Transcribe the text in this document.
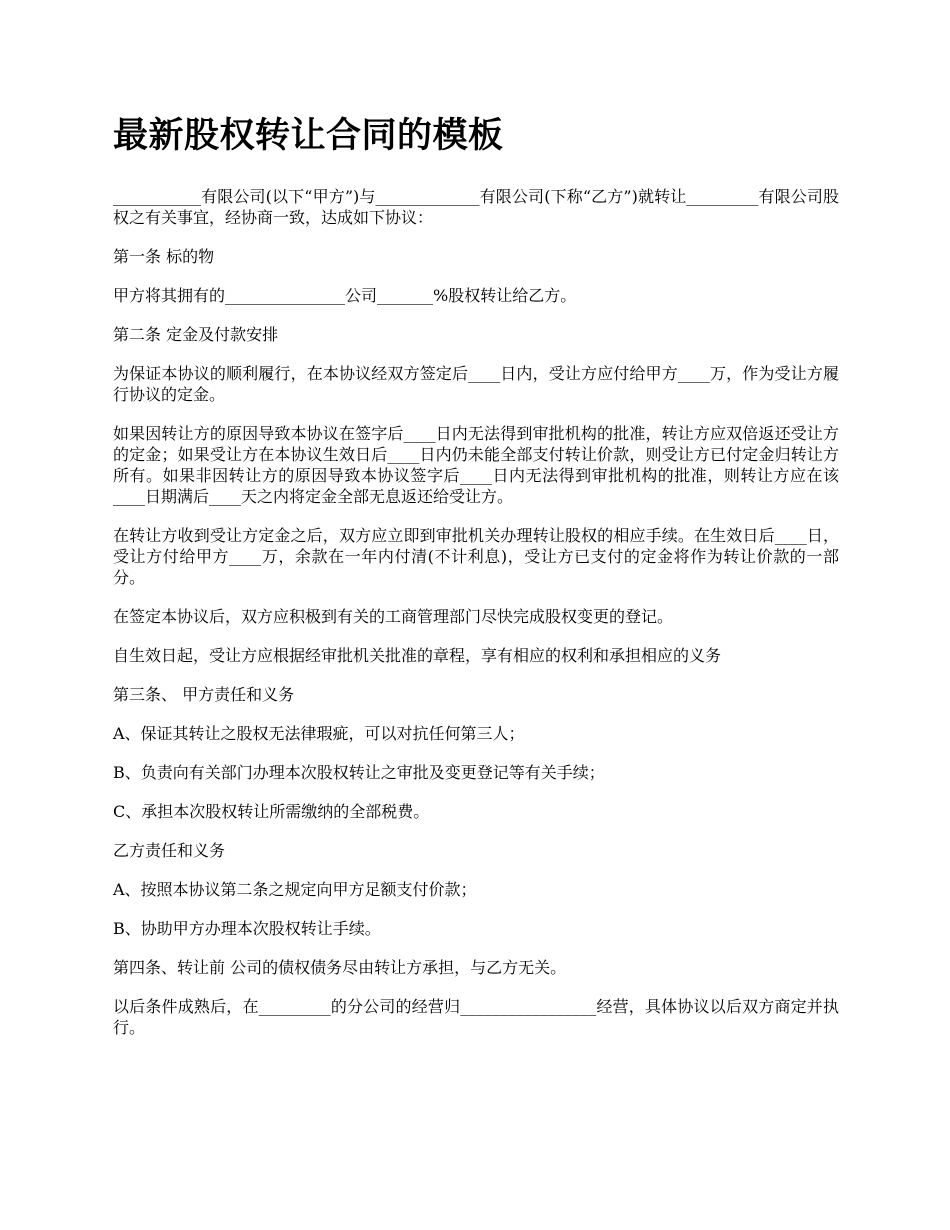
最新股权转让合同的模板

___________有限公司(以下“甲方”)与_____________有限公司(下称“乙方”)就转让_________有限公司股权之有关事宜，经协商一致，达成如下协议：

第一条 标的物

甲方将其拥有的_______________公司_______%股权转让给乙方。

第二条 定金及付款安排

为保证本协议的顺利履行，在本协议经双方签定后____日内，受让方应付给甲方____万，作为受让方履行协议的定金。

如果因转让方的原因导致本协议在签字后____日内无法得到审批机构的批准，转让方应双倍返还受让方的定金；如果受让方在本协议生效日后____日内仍未能全部支付转让价款，则受让方已付定金归转让方所有。如果非因转让方的原因导致本协议签字后____日内无法得到审批机构的批准，则转让方应在该____日期满后____天之内将定金全部无息返还给受让方。

在转让方收到受让方定金之后，双方应立即到审批机关办理转让股权的相应手续。在生效日后____日，受让方付给甲方____万，余款在一年内付清(不计利息)，受让方已支付的定金将作为转让价款的一部分。

在签定本协议后，双方应积极到有关的工商管理部门尽快完成股权变更的登记。

自生效日起，受让方应根据经审批机关批准的章程，享有相应的权利和承担相应的义务

第三条、 甲方责任和义务

A、保证其转让之股权无法律瑕疵，可以对抗任何第三人；

B、负责向有关部门办理本次股权转让之审批及变更登记等有关手续；

C、承担本次股权转让所需缴纳的全部税费。

乙方责任和义务

A、按照本协议第二条之规定向甲方足额支付价款；

B、协助甲方办理本次股权转让手续。

第四条、转让前 公司的债权债务尽由转让方承担，与乙方无关。

以后条件成熟后，在_________的分公司的经营归_________________经营，具体协议以后双方商定并执行。
